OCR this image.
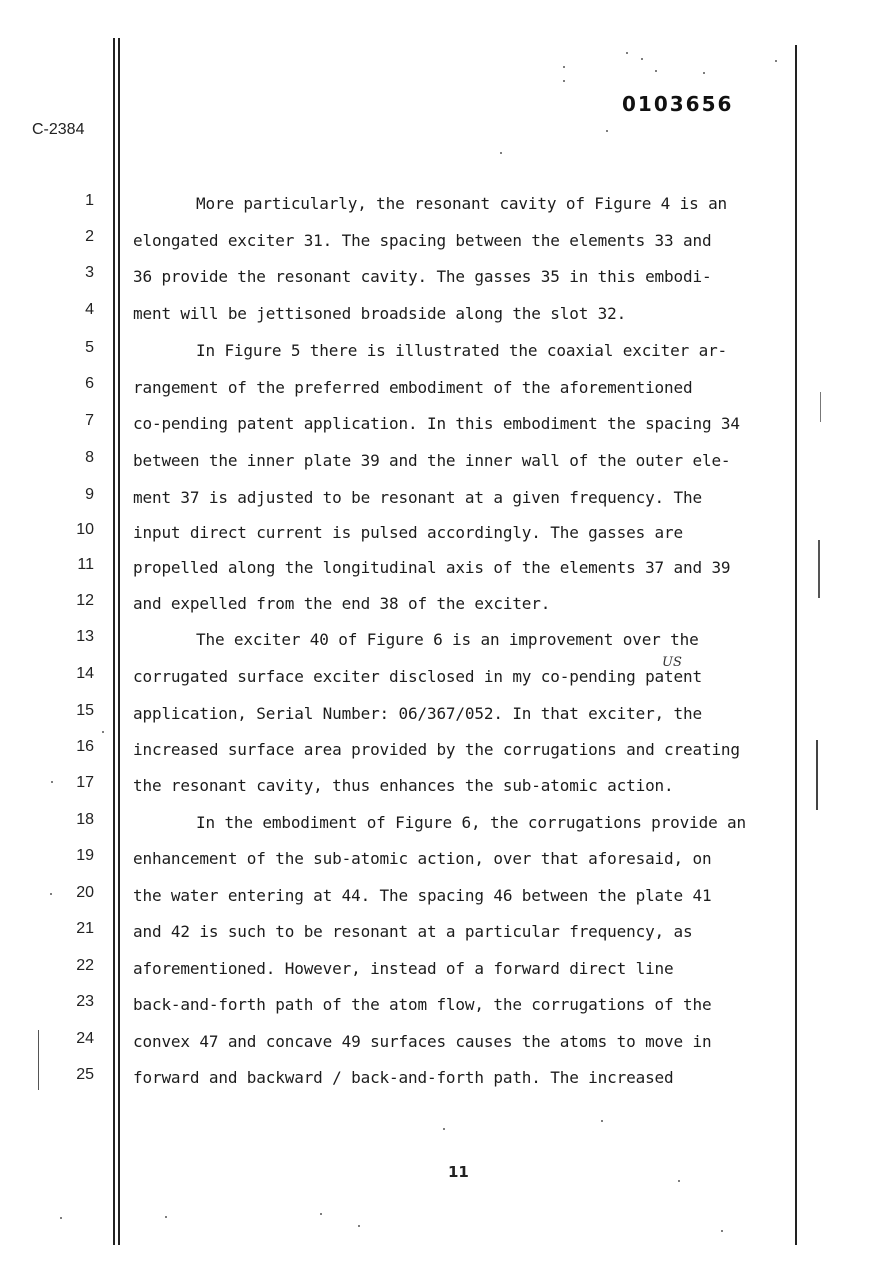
0103656
C-2384
1
2
3
4
5
6
7
8
9
10
11
12
13
14
15
16
17
18
19
20
21
22
23
24
25
More particularly, the resonant cavity of Figure 4 is an
elongated exciter 31. The spacing between the elements 33 and
36 provide the resonant cavity. The gasses 35 in this embodi-
ment will be jettisoned broadside along the slot 32.
In Figure 5 there is illustrated the coaxial exciter ar-
rangement of the preferred embodiment of the aforementioned
co-pending patent application. In this embodiment the spacing 34
between the inner plate 39 and the inner wall of the outer ele-
ment 37 is adjusted to be resonant at a given frequency. The
input direct current is pulsed accordingly. The gasses are
propelled along the longitudinal axis of the elements 37 and 39
and expelled from the end 38 of the exciter.
The exciter 40 of Figure 6 is an improvement over the
corrugated surface exciter disclosed in my co-pending patent
application, Serial Number: 06/367/052. In that exciter, the
increased surface area provided by the corrugations and creating
the resonant cavity, thus enhances the sub-atomic action.
In the embodiment of Figure 6, the corrugations provide an
enhancement of the sub-atomic action, over that aforesaid, on
the water entering at 44. The spacing 46 between the plate 41
and 42 is such to be resonant at a particular frequency, as
aforementioned. However, instead of a forward direct line
back-and-forth path of the atom flow, the corrugations of the
convex 47 and concave 49 surfaces causes the atoms to move in
forward and backward / back-and-forth path. The increased
US
11
